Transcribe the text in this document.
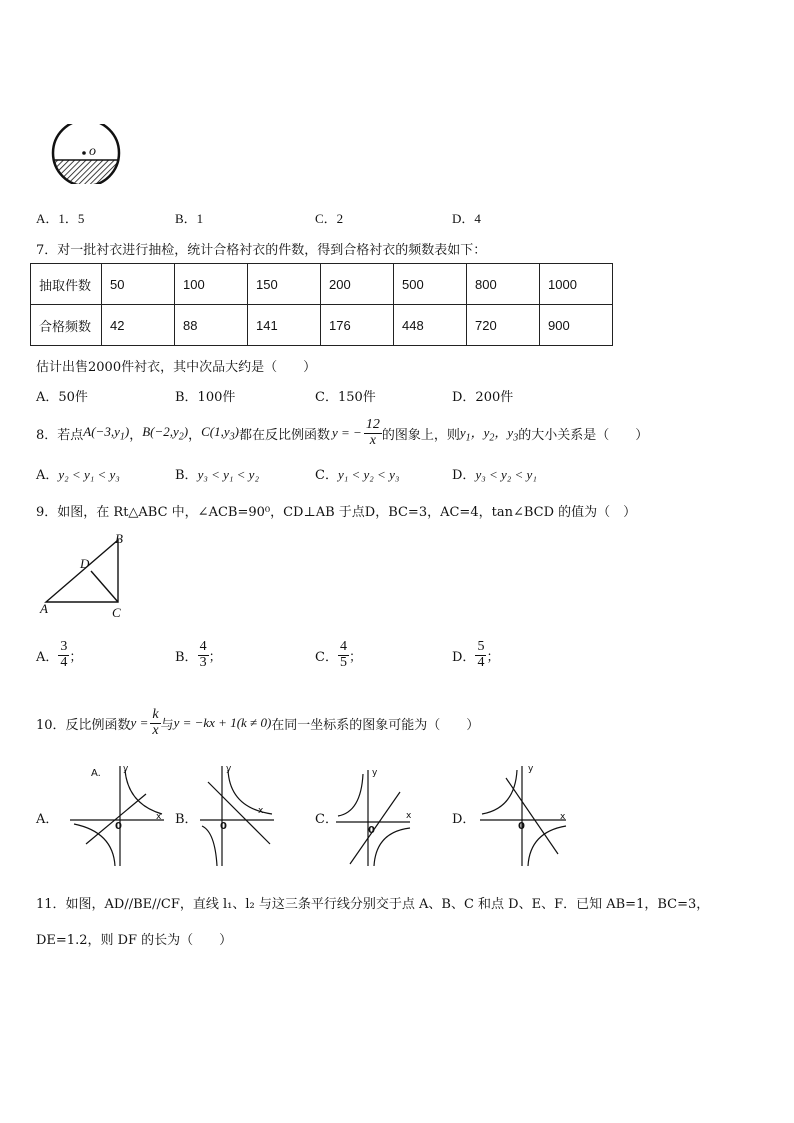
o
A．1．5	B．1	C．2	D．4
7．对一批衬衣进行抽检，统计合格衬衣的件数，得到合格衬衣的频数表如下：
抽取件数	50	100	150	200	500	800	1000
合格频数	42	88	141	176	448	720	900
估计出售2000件衬衣，其中次品大约是（　　）
A．50件	B．100件	C．150件	D．200件
8．若点 $A(-3,y_1)$ ， $B(-2,y_2)$ ， $C(1,y_3)$ 都在反比例函数 y = − $\frac{12}{x}$ 的图象上，则 $y_1$，$y_2$，$y_3$ 的大小关系是（　　）
A．y₂ < y₁ < y₃	B．y₃ < y₁ < y₂	C．y₁ < y₂ < y₃	D．y₃ < y₂ < y₁
9．如图，在 Rt△ABC 中，∠ACB=90⁰，CD⊥AB 于点D，BC=3，AC=4，tan∠BCD 的值为（　）
B
D
A	C
A． $\frac{3}{4}$ ；	B． $\frac{4}{3}$ ；	C． $\frac{4}{5}$ ；	D． $\frac{5}{4}$ ；
10．反比例函数 $y = \frac{k}{x}$ 与 y = −kx + 1(k ≠ 0) 在同一坐标系的图象可能为（　　）
A．	B．	C．	D．
A. y
x
0
y
x
0
y
x
0
y
x
0
11．如图，AD//BE//CF，直线 l₁、l₂ 与这三条平行线分别交于点 A、B、C 和点 D、E、F．已知 AB=1，BC=3，
DE=1.2，则 DF 的长为（　　）
